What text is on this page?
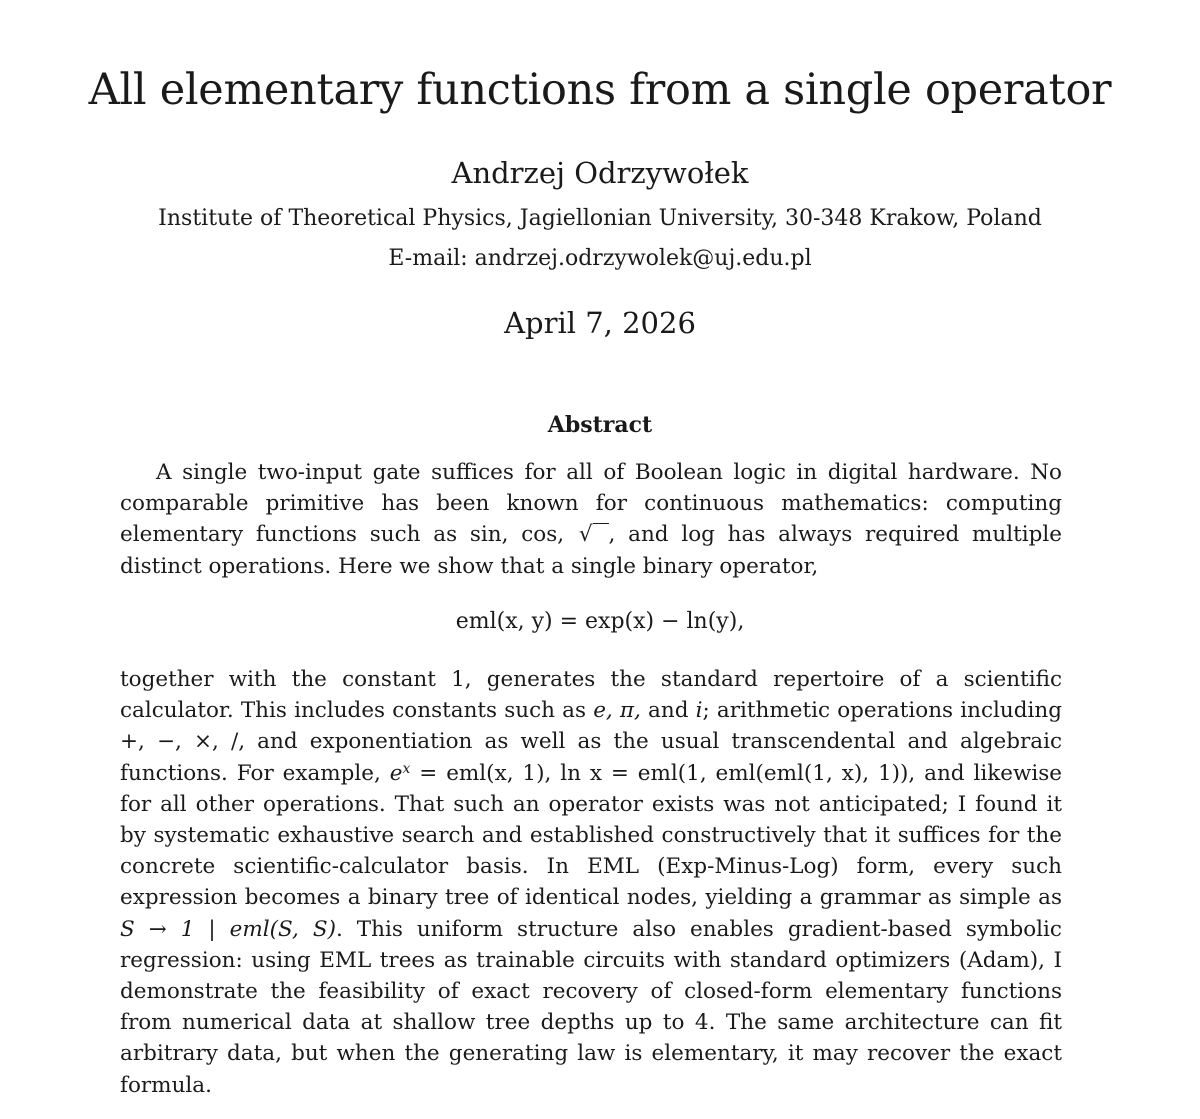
All elementary functions from a single operator
Andrzej Odrzywołek
Institute of Theoretical Physics, Jagiellonian University, 30-348 Krakow, Poland
E-mail: andrzej.odrzywolek@uj.edu.pl
April 7, 2026
Abstract
A single two-input gate suffices for all of Boolean logic in digital hardware. No comparable primitive has been known for continuous mathematics: computing elementary functions such as sin, cos, √ , and log has always required multiple distinct operations. Here we show that a single binary operator,
eml(x, y) = exp(x) − ln(y),
together with the constant 1, generates the standard repertoire of a scientific calculator. This includes constants such as e, π, and i; arithmetic operations including +, −, ×, /, and exponentiation as well as the usual transcendental and algebraic functions. For example, $e^x = eml(x$, 1), ln x = eml(1, eml(eml(1, x), 1)), and likewise for all other operations. That such an operator exists was not anticipated; I found it by systematic exhaustive search and established constructively that it suffices for the concrete scientific-calculator basis. In EML (Exp-Minus-Log) form, every such expression becomes a binary tree of identical nodes, yielding a grammar as simple as S → 1 | eml(S, S). This uniform structure also enables gradient-based symbolic regression: using EML trees as trainable circuits with standard optimizers (Adam), I demonstrate the feasibility of exact recovery of closed-form elementary functions from numerical data at shallow tree depths up to 4. The same architecture can fit arbitrary data, but when the generating law is elementary, it may recover the exact formula.
